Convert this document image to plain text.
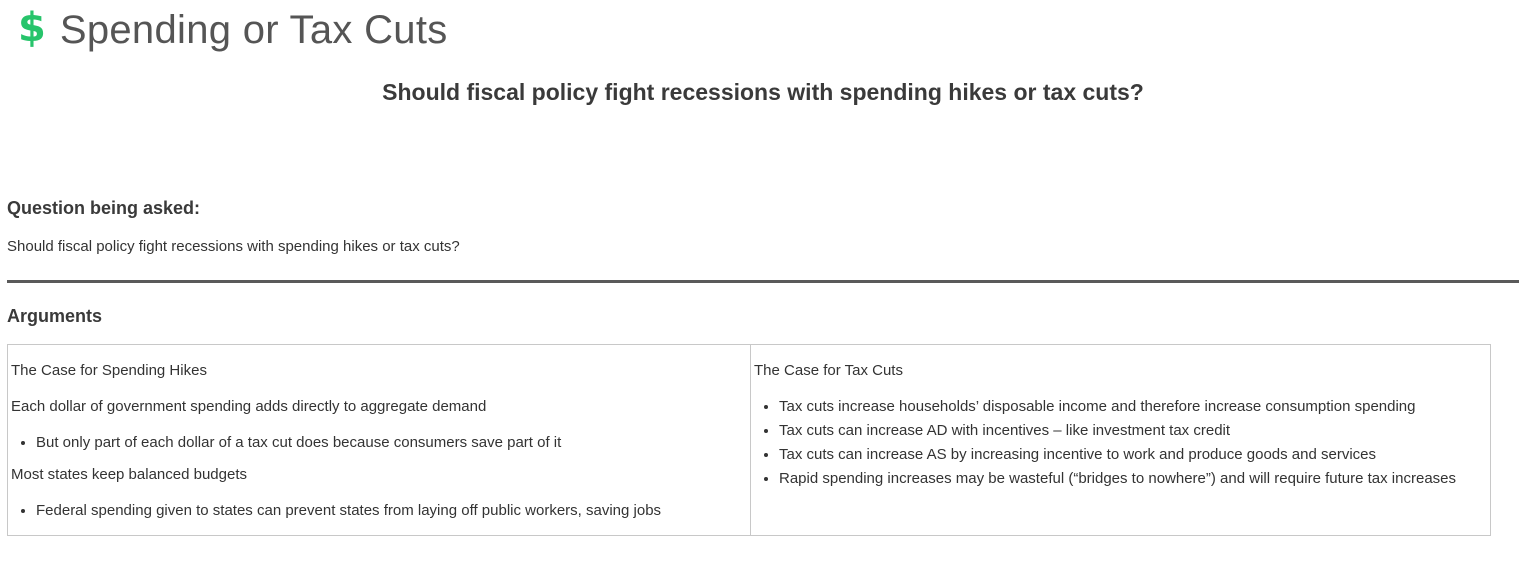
$ Spending or Tax Cuts
Should fiscal policy fight recessions with spending hikes or tax cuts?
Question being asked:

Should fiscal policy fight recessions with spending hikes or tax cuts?

Arguments

The Case for Spending Hikes

Each dollar of government spending adds directly to aggregate demand

• But only part of each dollar of a tax cut does because consumers save part of it

Most states keep balanced budgets

• Federal spending given to states can prevent states from laying off public workers, saving jobs

The Case for Tax Cuts

• Tax cuts increase households’ disposable income and therefore increase consumption spending
• Tax cuts can increase AD with incentives – like investment tax credit
• Tax cuts can increase AS by increasing incentive to work and produce goods and services
• Rapid spending increases may be wasteful (“bridges to nowhere”) and will require future tax increases
